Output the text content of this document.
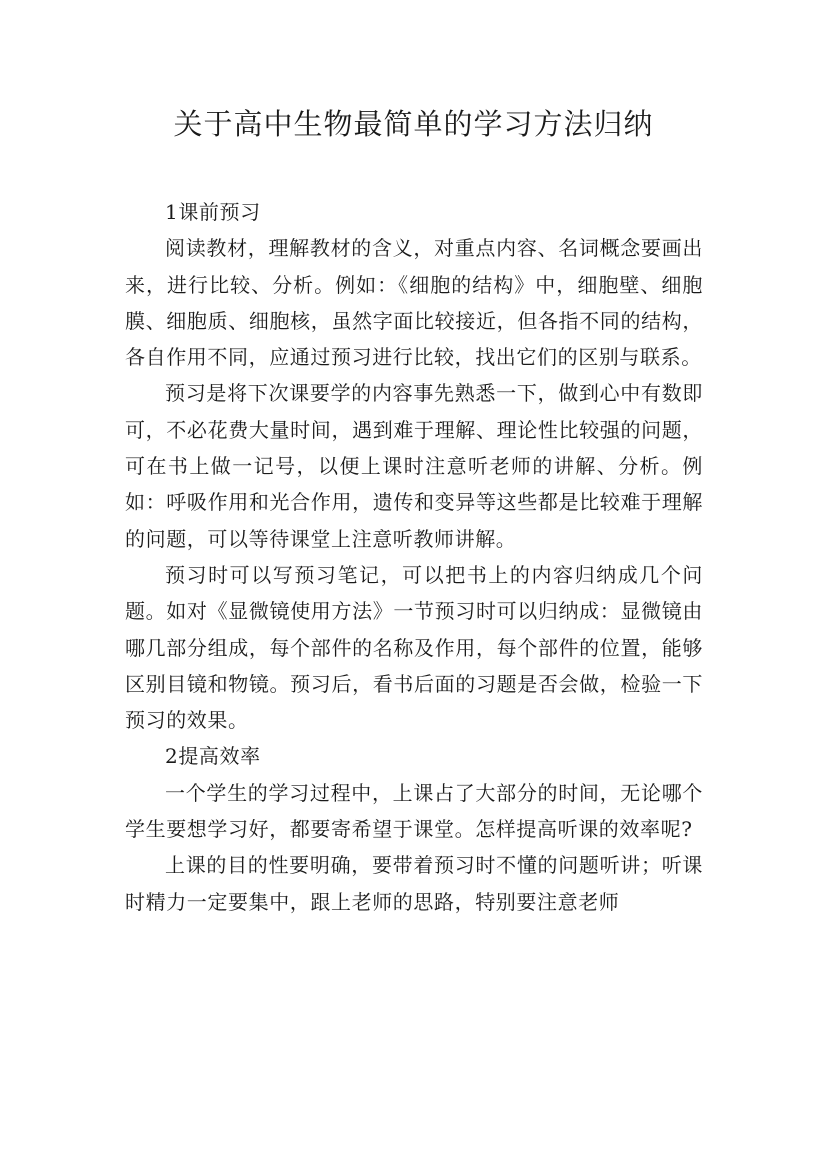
关于高中生物最简单的学习方法归纳

1课前预习

阅读教材，理解教材的含义，对重点内容、名词概念要画出来，进行比较、分析。例如：《细胞的结构》中，细胞壁、细胞膜、细胞质、细胞核，虽然字面比较接近，但各指不同的结构，各自作用不同，应通过预习进行比较，找出它们的区别与联系。

预习是将下次课要学的内容事先熟悉一下，做到心中有数即可，不必花费大量时间，遇到难于理解、理论性比较强的问题，可在书上做一记号，以便上课时注意听老师的讲解、分析。例如：呼吸作用和光合作用，遗传和变异等这些都是比较难于理解的问题，可以等待课堂上注意听教师讲解。

预习时可以写预习笔记，可以把书上的内容归纳成几个问题。如对《显微镜使用方法》一节预习时可以归纳成：显微镜由哪几部分组成，每个部件的名称及作用，每个部件的位置，能够区别目镜和物镜。预习后，看书后面的习题是否会做，检验一下预习的效果。

2提高效率

一个学生的学习过程中，上课占了大部分的时间，无论哪个学生要想学习好，都要寄希望于课堂。怎样提高听课的效率呢?

上课的目的性要明确，要带着预习时不懂的问题听讲；听课时精力一定要集中，跟上老师的思路，特别要注意老师
